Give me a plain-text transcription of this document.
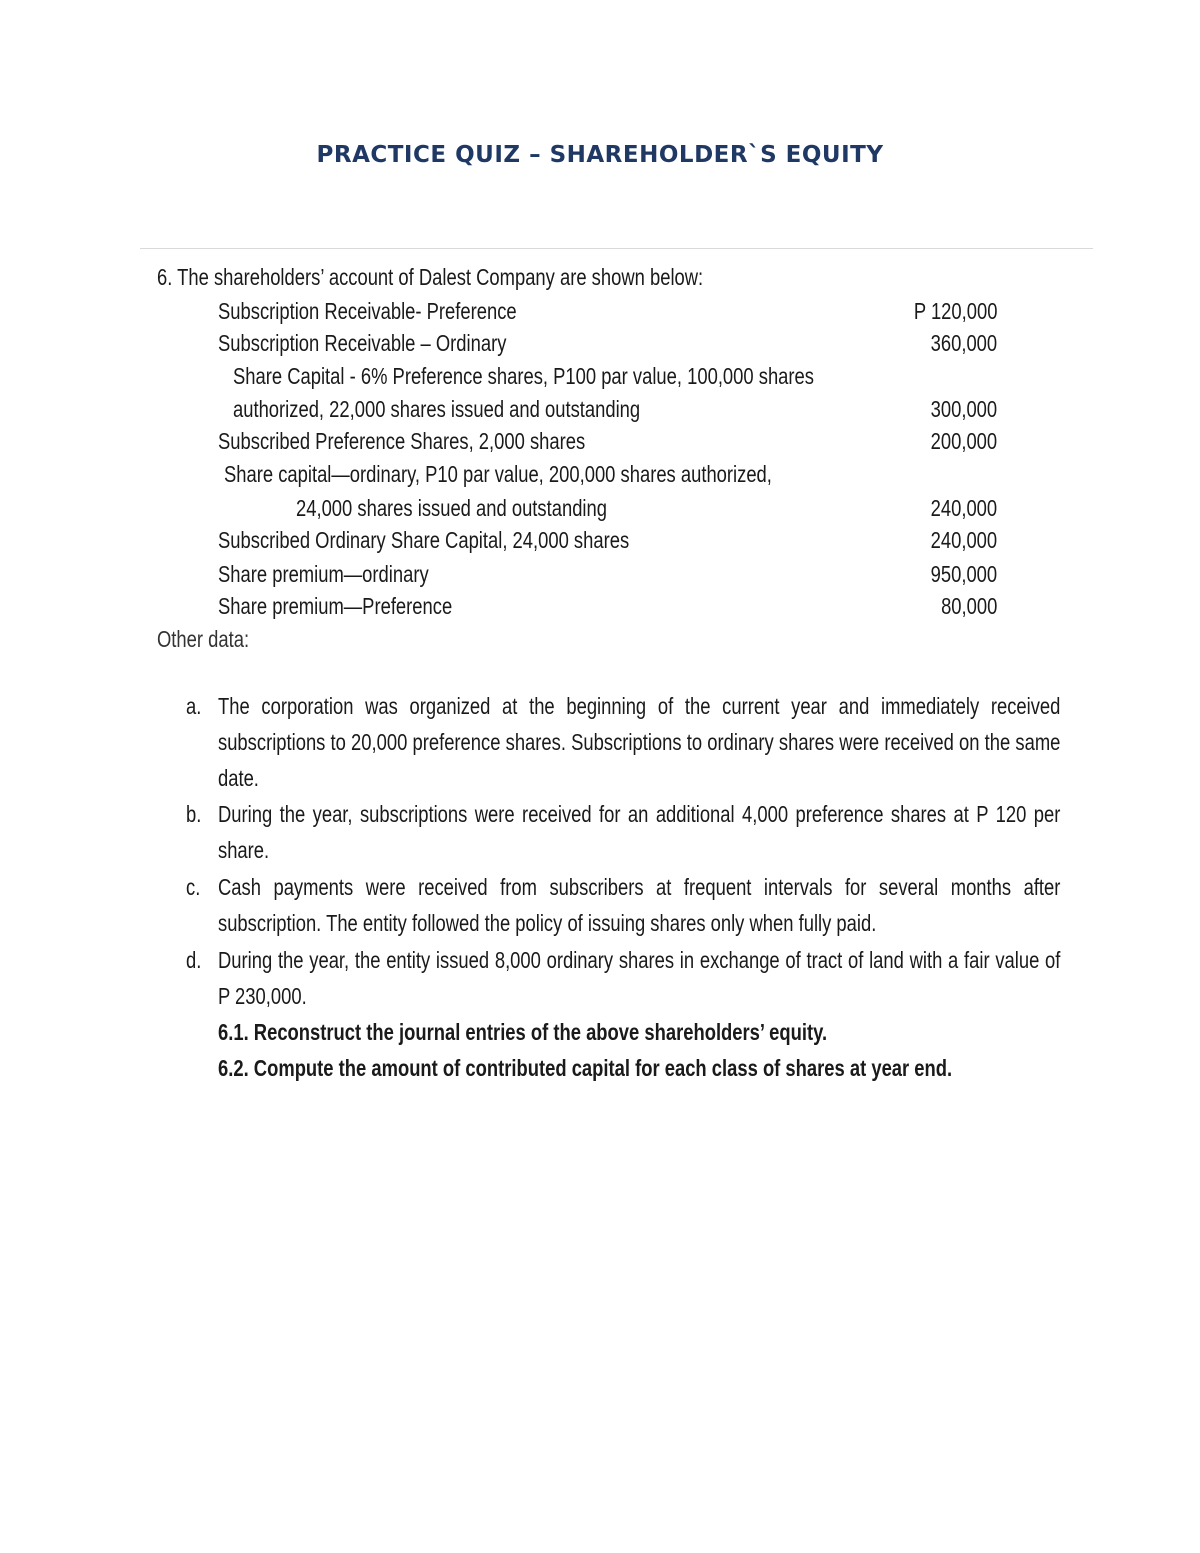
PRACTICE QUIZ – SHAREHOLDER`S EQUITY
6. The shareholders’ account of Dalest Company are shown below:
Subscription Receivable- Preference	P 120,000
Subscription Receivable – Ordinary	360,000
Share Capital - 6% Preference shares, P100 par value, 100,000 shares
authorized, 22,000 shares issued and outstanding	300,000
Subscribed Preference Shares, 2,000 shares	200,000
Share capital—ordinary, P10 par value, 200,000 shares authorized,
24,000 shares issued and outstanding	240,000
Subscribed Ordinary Share Capital, 24,000 shares	240,000
Share premium—ordinary	950,000
Share premium—Preference	80,000
Other data:
a. The corporation was organized at the beginning of the current year and immediately received subscriptions to 20,000 preference shares. Subscriptions to ordinary shares were received on the same date.
b. During the year, subscriptions were received for an additional 4,000 preference shares at P 120 per share.
c. Cash payments were received from subscribers at frequent intervals for several months after subscription. The entity followed the policy of issuing shares only when fully paid.
d. During the year, the entity issued 8,000 ordinary shares in exchange of tract of land with a fair value of P 230,000.
6.1. Reconstruct the journal entries of the above shareholders’ equity.
6.2. Compute the amount of contributed capital for each class of shares at year end.
